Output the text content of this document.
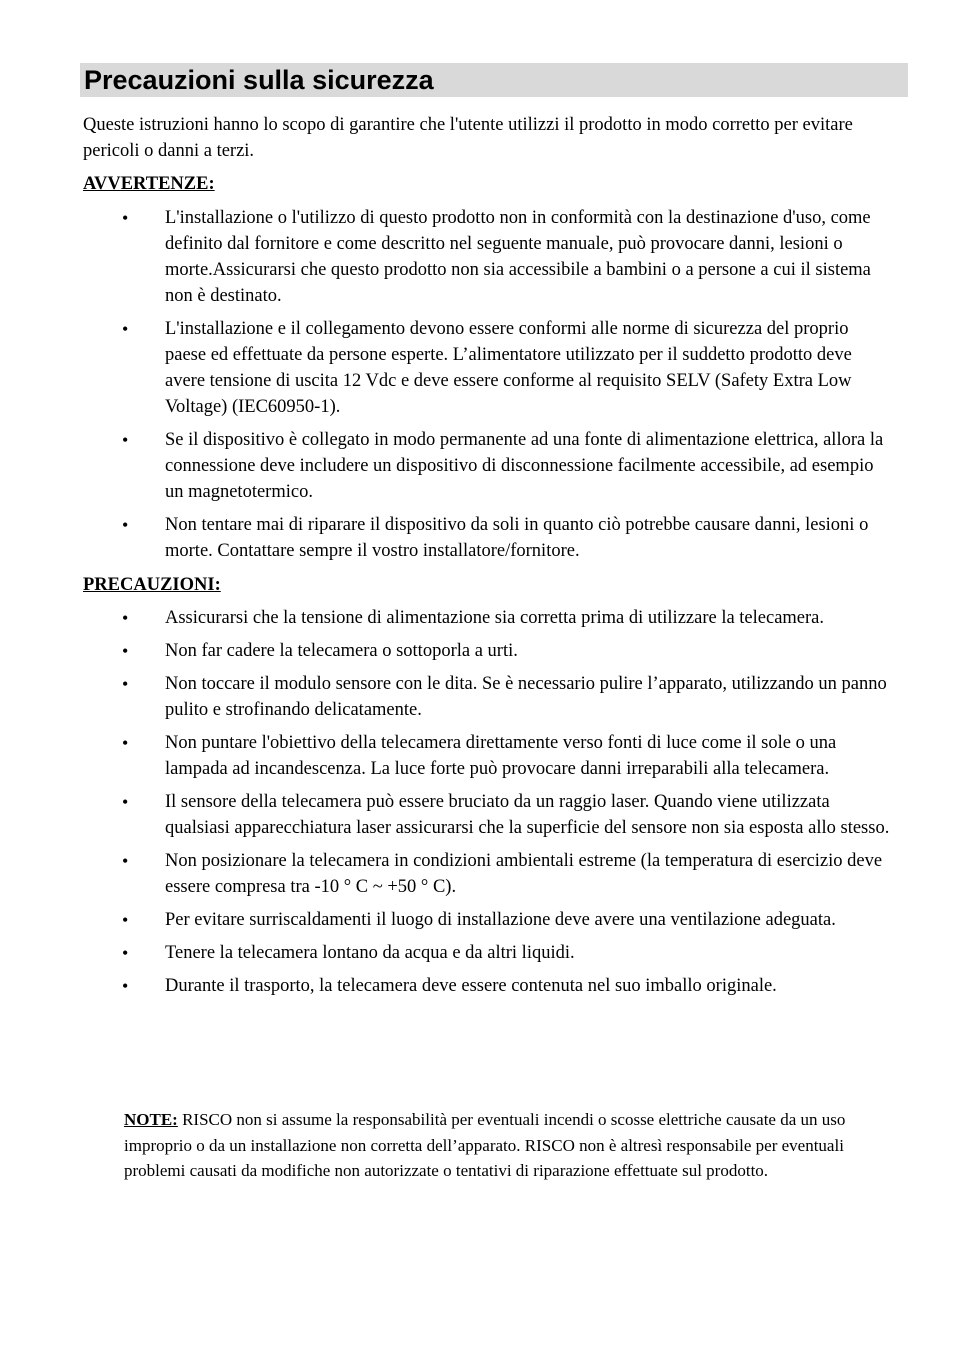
Precauzioni sulla sicurezza

Queste istruzioni hanno lo scopo di garantire che l'utente utilizzi il prodotto in modo corretto per evitare pericoli o danni a terzi.

AVVERTENZE:
• L'installazione o l'utilizzo di questo prodotto non in conformità con la destinazione d'uso, come definito dal fornitore e come descritto nel seguente manuale, può provocare danni, lesioni o morte.Assicurarsi che questo prodotto non sia accessibile a bambini o a persone a cui il sistema non è destinato.
• L'installazione e il collegamento devono essere conformi alle norme di sicurezza del proprio paese ed effettuate da persone esperte. L’alimentatore utilizzato per il suddetto prodotto deve avere tensione di uscita 12 Vdc e deve essere conforme al requisito SELV (Safety Extra Low Voltage) (IEC60950-1).
• Se il dispositivo è collegato in modo permanente ad una fonte di alimentazione elettrica, allora la connessione deve includere un dispositivo di disconnessione facilmente accessibile, ad esempio un magnetotermico.
• Non tentare mai di riparare il dispositivo da soli in quanto ciò potrebbe causare danni, lesioni o morte. Contattare sempre il vostro installatore/fornitore.
PRECAUZIONI:
• Assicurarsi che la tensione di alimentazione sia corretta prima di utilizzare la telecamera.
• Non far cadere la telecamera o sottoporla a urti.
• Non toccare il modulo sensore con le dita. Se è necessario pulire l’apparato, utilizzando un panno pulito e strofinando delicatamente.
• Non puntare l'obiettivo della telecamera direttamente verso fonti di luce come il sole o una lampada ad incandescenza. La luce forte può provocare danni irreparabili alla telecamera.
• Il sensore della telecamera può essere bruciato da un raggio laser. Quando viene utilizzata qualsiasi apparecchiatura laser assicurarsi che la superficie del sensore non sia esposta allo stesso.
• Non posizionare la telecamera in condizioni ambientali estreme (la temperatura di esercizio deve essere compresa tra -10 ° C ~ +50 ° C).
• Per evitare surriscaldamenti il luogo di installazione deve avere una ventilazione adeguata.
• Tenere la telecamera lontano da acqua e da altri liquidi.
• Durante il trasporto, la telecamera deve essere contenuta nel suo imballo originale.

NOTE: RISCO non si assume la responsabilità per eventuali incendi o scosse elettriche causate da un uso improprio o da un installazione non corretta dell’apparato. RISCO non è altresì responsabile per eventuali problemi causati da modifiche non autorizzate o tentativi di riparazione effettuate sul prodotto.
